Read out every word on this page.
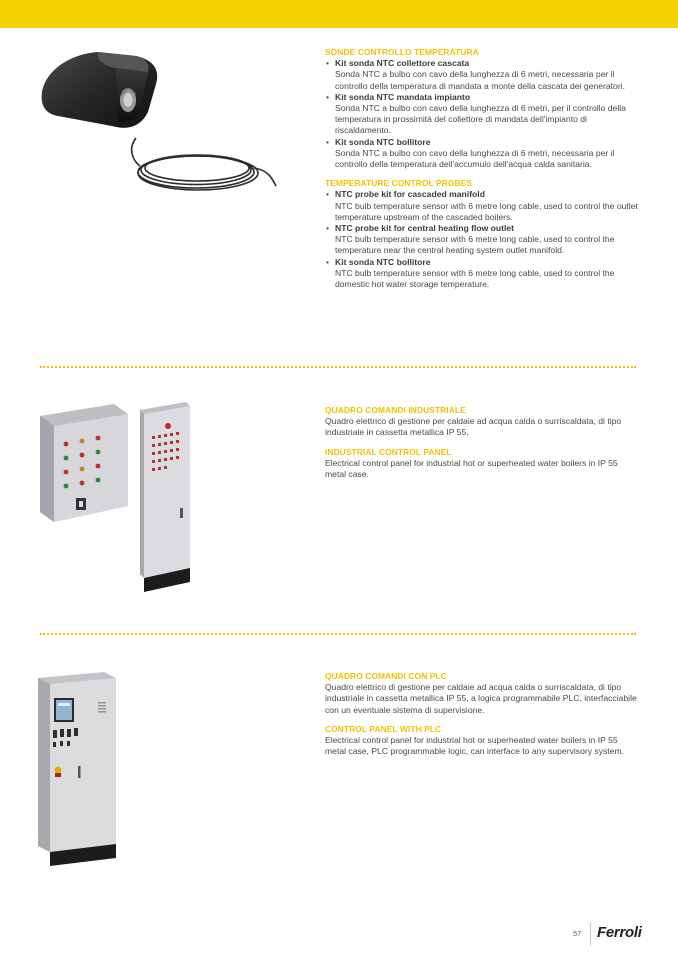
SONDE CONTROLLO TEMPERATURA

• Kit sonda NTC collettore cascata
Sonda NTC a bulbo con cavo della lunghezza di 6 metri, necessaria per il controllo della temperatura di mandata a monte della cascata dei generatori.
• Kit sonda NTC mandata impianto
Sonda NTC a bulbo con cavo della lunghezza di 6 metri, per il controllo della temperatura in prossimità del collettore di mandata dell'impianto di riscaldamento.
• Kit sonda NTC bollitore
Sonda NTC a bulbo con cavo della lunghezza di 6 metri, necessaria per il controllo della temperatura dell'accumulo dell'acqua calda sanitaria.

TEMPERATURE CONTROL PROBES

• NTC probe kit for cascaded manifold
NTC bulb temperature sensor with 6 metre long cable, used to control the outlet temperature upstream of the cascaded boilers.
• NTC probe kit for central heating flow outlet
NTC bulb temperature sensor with 6 metre long cable, used to control the temperature near the central heating system outlet manifold.
• Kit sonda NTC bollitore
NTC bulb temperature sensor with 6 metre long cable, used to control the domestic hot water storage temperature.

QUADRO COMANDI INDUSTRIALE

Quadro elettrico di gestione per caldaie ad acqua calda o surriscaldata, di tipo industriale in cassetta metallica IP 55.

INDUSTRIAL CONTROL PANEL

Electrical control panel for industrial hot or superheated water boilers in IP 55 metal case.

QUADRO COMANDI CON PLC

Quadro elettrico di gestione per caldaie ad acqua calda o surriscaldata, di tipo industriale in cassetta metallica IP 55, a logica programmabile PLC, interfacciabile con un eventuale sistema di supervisione.

CONTROL PANEL WITH PLC

Electrical control panel for industrial hot or superheated water boilers in IP 55 metal case, PLC programmable logic, can interface to any supervisory system.

57 Ferroli
